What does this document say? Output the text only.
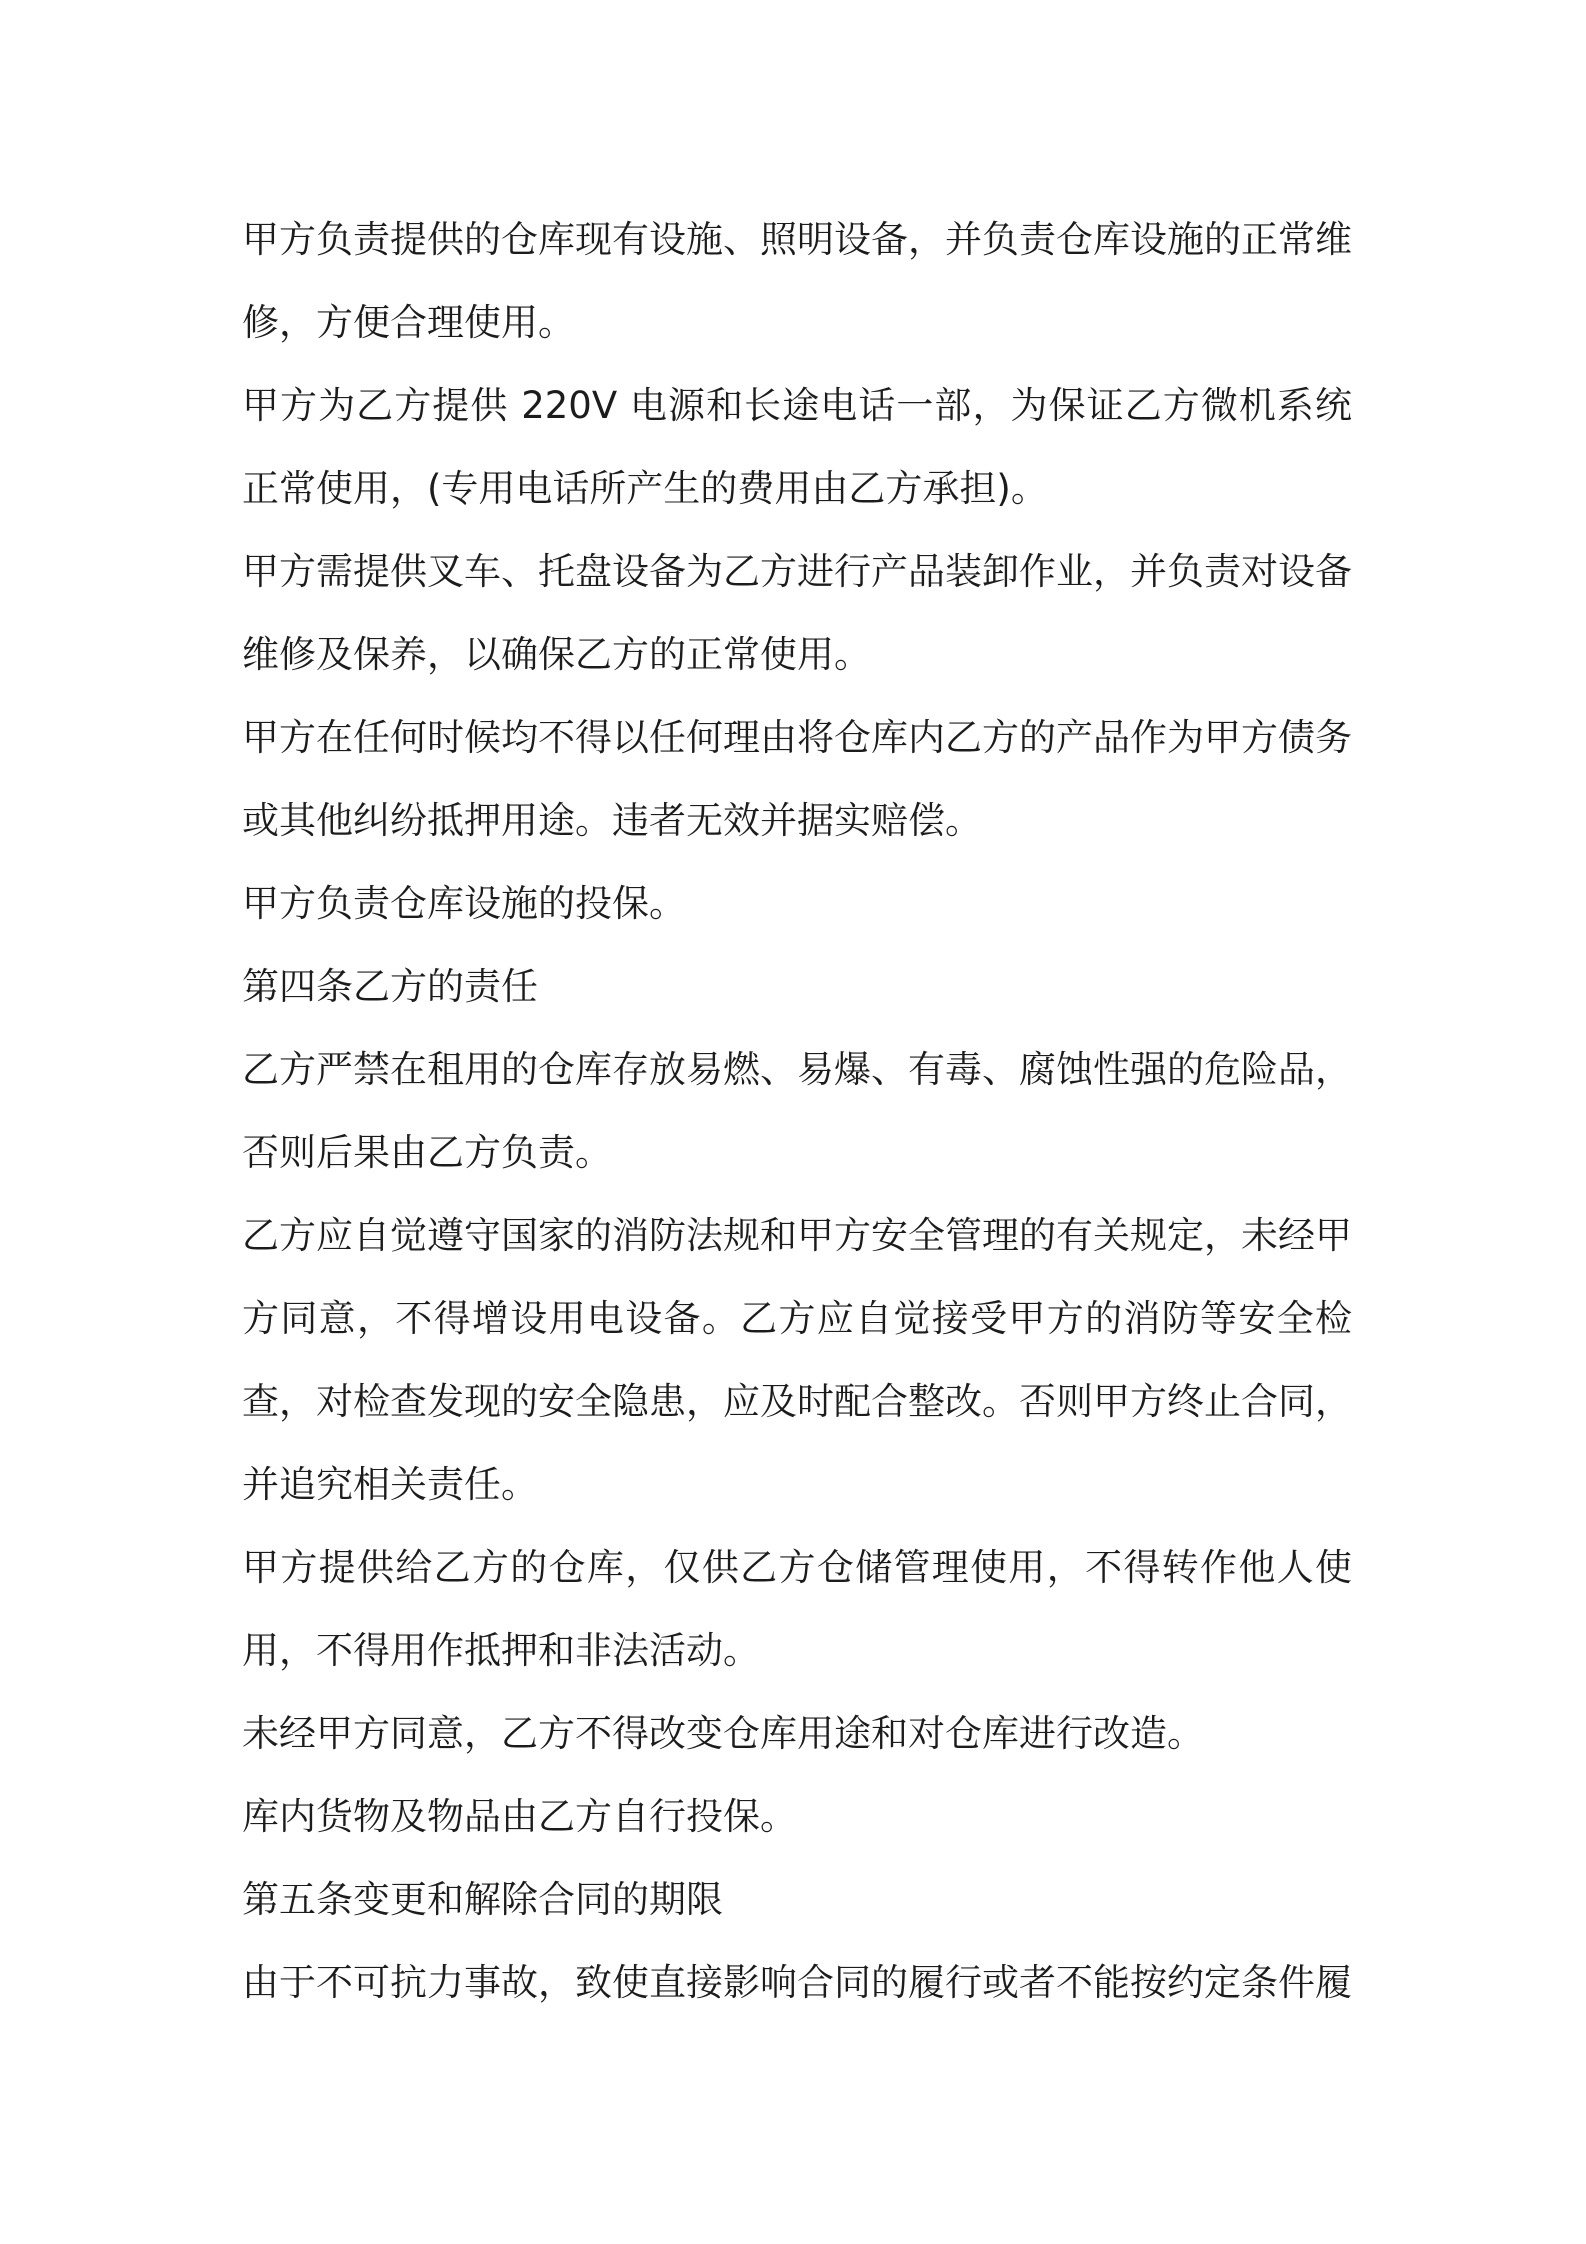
甲方负责提供的仓库现有设施、照明设备，并负责仓库设施的正常维修，方便合理使用。

甲方为乙方提供 220V 电源和长途电话一部，为保证乙方微机系统正常使用，(专用电话所产生的费用由乙方承担)。

甲方需提供叉车、托盘设备为乙方进行产品装卸作业，并负责对设备维修及保养，以确保乙方的正常使用。

甲方在任何时候均不得以任何理由将仓库内乙方的产品作为甲方债务或其他纠纷抵押用途。违者无效并据实赔偿。

甲方负责仓库设施的投保。

第四条乙方的责任

乙方严禁在租用的仓库存放易燃、易爆、有毒、腐蚀性强的危险品，否则后果由乙方负责。

乙方应自觉遵守国家的消防法规和甲方安全管理的有关规定，未经甲方同意，不得增设用电设备。乙方应自觉接受甲方的消防等安全检查，对检查发现的安全隐患，应及时配合整改。否则甲方终止合同，并追究相关责任。

甲方提供给乙方的仓库，仅供乙方仓储管理使用，不得转作他人使用，不得用作抵押和非法活动。

未经甲方同意，乙方不得改变仓库用途和对仓库进行改造。

库内货物及物品由乙方自行投保。

第五条变更和解除合同的期限

由于不可抗力事故，致使直接影响合同的履行或者不能按约定条件履
